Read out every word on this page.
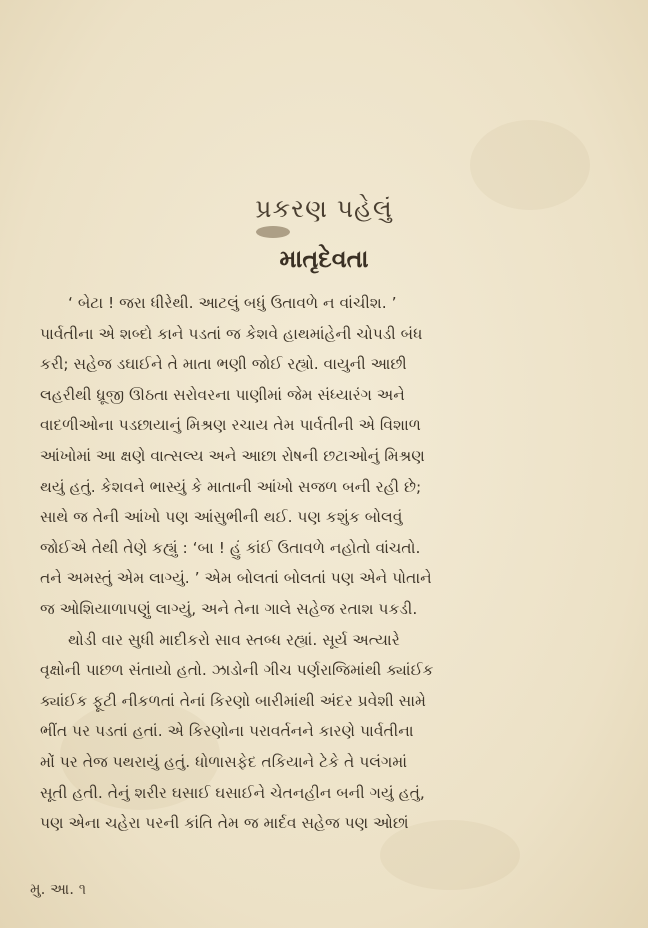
પ્રકરણ પહેલું
માતૃદેવતા
‘ બેટા ! જરા ધીરેથી. આટલું બધું ઉતાવળે ન વાંચીશ. ’
પાર્વતીના એ શબ્દો કાને પડતાં જ કેશવે હાથમાંહેની ચોપડી બંધ
કરી; સહેજ ડઘાઈને તે માતા ભણી જોઈ રહ્યો. વાયુની આછી
લહરીથી ધ્રૂજી ઊઠતા સરોવરના પાણીમાં જેમ સંધ્યારંગ અને
વાદળીઓના પડછાયાનું મિશ્રણ રચાય તેમ પાર્વતીની એ વિશાળ
આંખોમાં આ ક્ષણે વાત્સલ્ય અને આછા રોષની છટાઓનું મિશ્રણ
થયું હતું. કેશવને ભાસ્યું કે માતાની આંખો સજળ બની રહી છે;
સાથે જ તેની આંખો પણ આંસુભીની થઈ. પણ કશુંક બોલવું
જોઈએ તેથી તેણે કહ્યું : ‘બા ! હું કાંઈ ઉતાવળે નહોતો વાંચતો.
તને અમસ્તું એમ લાગ્યું. ’ એમ બોલતાં બોલતાં પણ એને પોતાને
જ ઓશિયાળાપણું લાગ્યું, અને તેના ગાલે સહેજ રતાશ પકડી.
થોડી વાર સુધી માદીકરો સાવ સ્તબ્ધ રહ્યાં. સૂર્ય અત્યારે
વૃક્ષોની પાછળ સંતાયો હતો. ઝાડોની ગીચ પર્ણરાજિમાંથી ક્યાંઈક
ક્યાંઈક ફૂટી નીકળતાં તેનાં કિરણો બારીમાંથી અંદર પ્રવેશી સામે
ભીંત પર પડતાં હતાં. એ કિરણોના પરાવર્તનને કારણે પાર્વતીના
મોં પર તેજ પથરાયું હતું. ધોળાસફેદ તકિયાને ટેકે તે પલંગમાં
સૂતી હતી. તેનું શરીર ઘસાઈ ઘસાઈને ચેતનહીન બની ગયું હતું,
પણ એના ચહેરા પરની કાંતિ તેમ જ માર્દવ સહેજ પણ ઓછાં
મુ. આ. ૧
